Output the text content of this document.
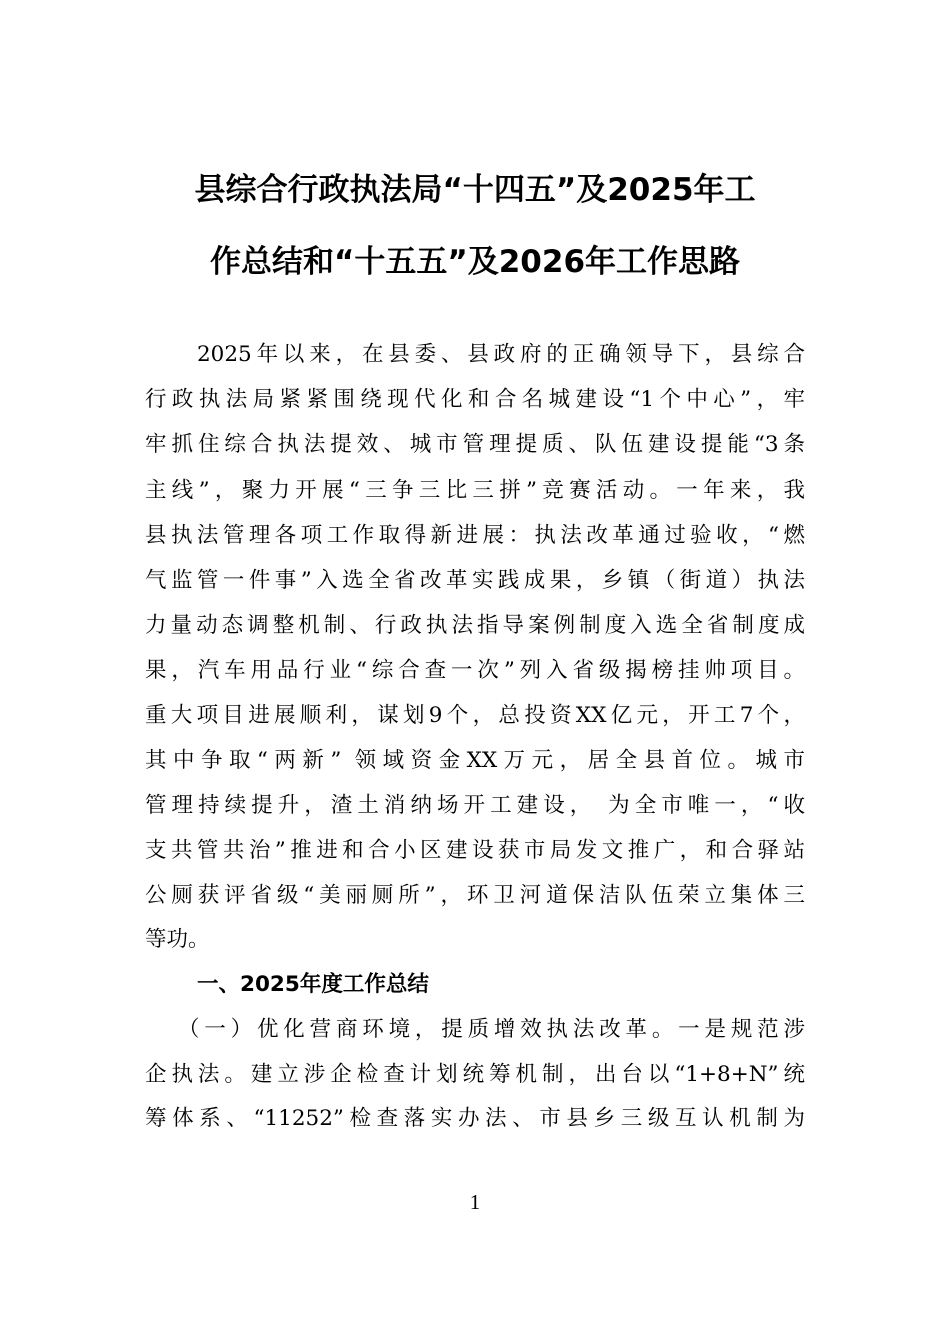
县综合行政执法局“十四五”及2025年工
作总结和“十五五”及2026年工作思路
2025年以来，在县委、县政府的正确领导下，县综合
行政执法局紧紧围绕现代化和合名城建设“1个中心”，牢
牢抓住综合执法提效、城市管理提质、队伍建设提能“3条
主线”，聚力开展“三争三比三拼”竞赛活动。一年来，我
县执法管理各项工作取得新进展：执法改革通过验收，“燃
气监管一件事”入选全省改革实践成果，乡镇（街道）执法
力量动态调整机制、行政执法指导案例制度入选全省制度成
果，汽车用品行业“综合查一次”列入省级揭榜挂帅项目。
重大项目进展顺利，谋划9个，总投资XX亿元，开工7个，
其中争取“两新” 领域资金XX万元，居全县首位。城市
管理持续提升，渣土消纳场开工建设， 为全市唯一，“收
支共管共治”推进和合小区建设获市局发文推广，和合驿站
公厕获评省级“美丽厕所”，环卫河道保洁队伍荣立集体三
等功。
一、2025年度工作总结
（一）优化营商环境，提质增效执法改革。一是规范涉
企执法。建立涉企检查计划统筹机制，出台以“1+8+N”统
筹体系、“11252”检查落实办法、市县乡三级互认机制为
1
